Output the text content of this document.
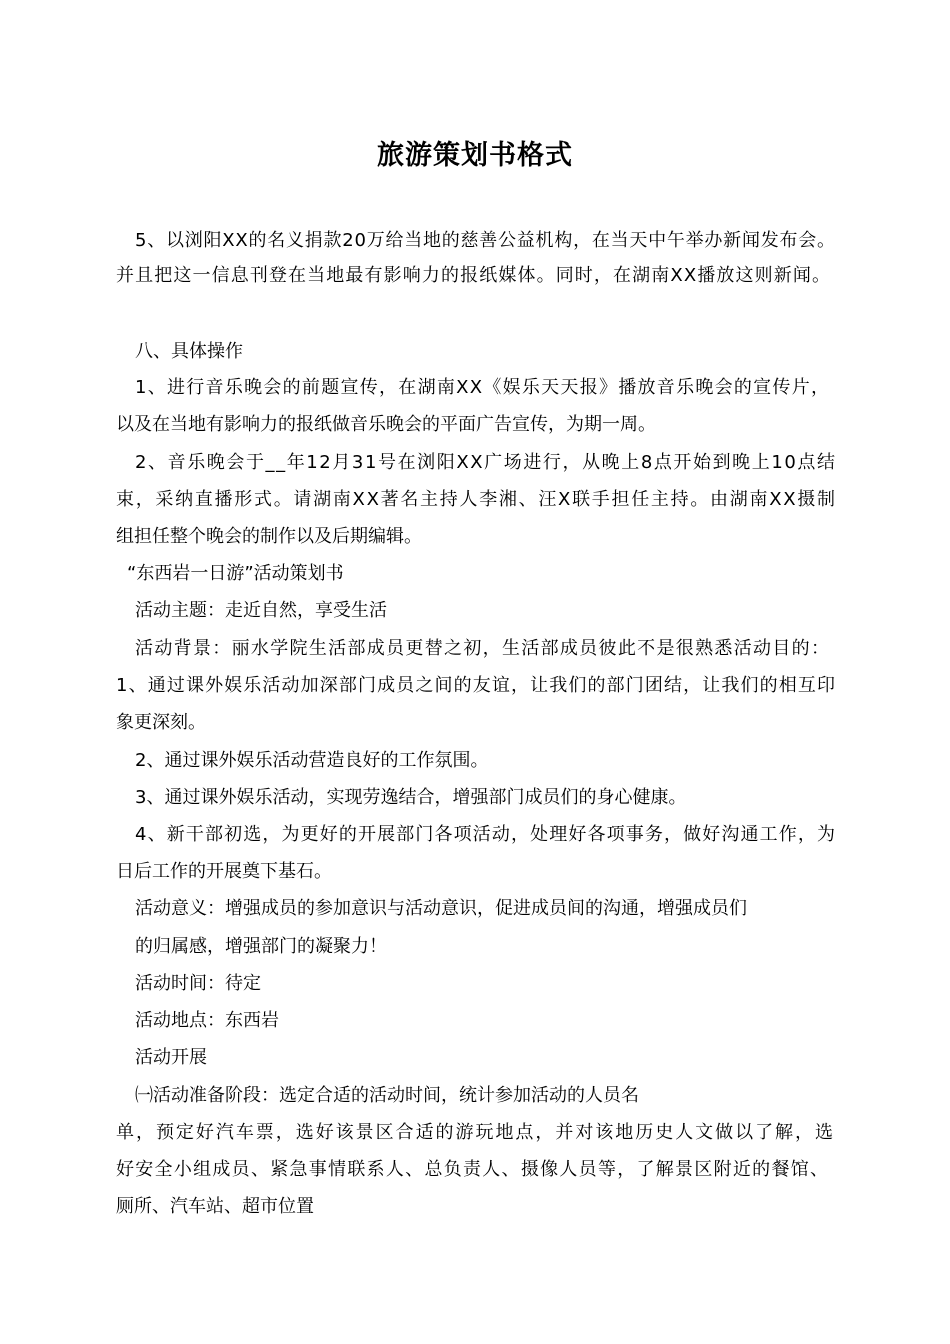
旅游策划书格式
5、以浏阳XX的名义捐款20万给当地的慈善公益机构，在当天中午举办新闻发布会。
并且把这一信息刊登在当地最有影响力的报纸媒体。同时，在湖南XX播放这则新闻。
八、具体操作
1、进行音乐晚会的前题宣传，在湖南XX《娱乐天天报》播放音乐晚会的宣传片，
以及在当地有影响力的报纸做音乐晚会的平面广告宣传，为期一周。
2、音乐晚会于__年12月31号在浏阳XX广场进行，从晚上8点开始到晚上10点结
束，采纳直播形式。请湖南XX著名主持人李湘、汪X联手担任主持。由湖南XX摄制
组担任整个晚会的制作以及后期编辑。
“东西岩一日游”活动策划书
活动主题：走近自然，享受生活
活动背景：丽水学院生活部成员更替之初，生活部成员彼此不是很熟悉活动目的：
1、通过课外娱乐活动加深部门成员之间的友谊，让我们的部门团结，让我们的相互印
象更深刻。
2、通过课外娱乐活动营造良好的工作氛围。
3、通过课外娱乐活动，实现劳逸结合，增强部门成员们的身心健康。
4、新干部初选，为更好的开展部门各项活动，处理好各项事务，做好沟通工作，为
日后工作的开展奠下基石。
活动意义：增强成员的参加意识与活动意识，促进成员间的沟通，增强成员们
的归属感，增强部门的凝聚力！
活动时间：待定
活动地点：东西岩
活动开展
㈠活动准备阶段：选定合适的活动时间，统计参加活动的人员名
单，预定好汽车票，选好该景区合适的游玩地点，并对该地历史人文做以了解，选
好安全小组成员、紧急事情联系人、总负责人、摄像人员等，了解景区附近的餐馆、
厕所、汽车站、超市位置
